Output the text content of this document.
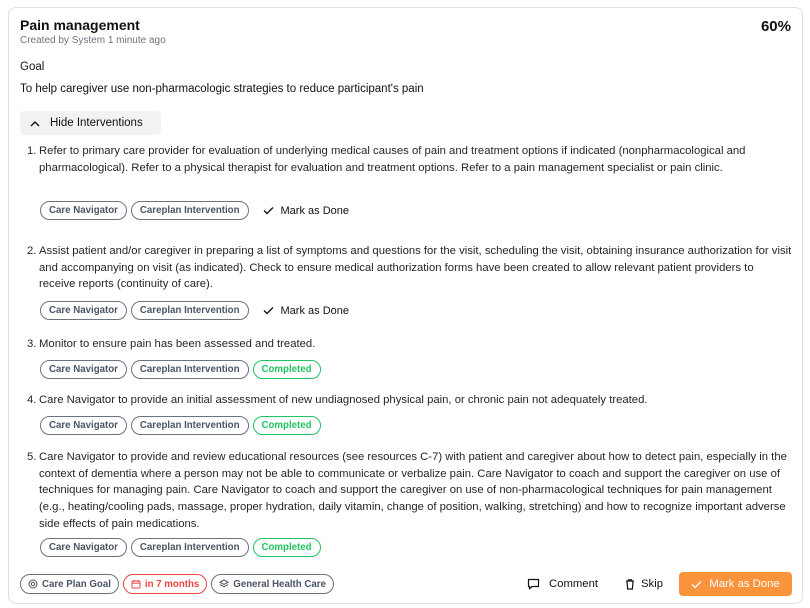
Pain management
Created by System 1 minute ago
60%
Goal
To help caregiver use non-pharmacologic strategies to reduce participant's pain
Hide Interventions
1. Refer to primary care provider for evaluation of underlying medical causes of pain and treatment options if indicated (nonpharmacological and pharmacological). Refer to a physical therapist for evaluation and treatment options. Refer to a pain management specialist or pain clinic.
Care Navigator	Careplan Intervention	Mark as Done
2. Assist patient and/or caregiver in preparing a list of symptoms and questions for the visit, scheduling the visit, obtaining insurance authorization for visit and accompanying on visit (as indicated). Check to ensure medical authorization forms have been created to allow relevant patient providers to receive reports (continuity of care).
Care Navigator	Careplan Intervention	Mark as Done
3. Monitor to ensure pain has been assessed and treated.
Care Navigator	Careplan Intervention	Completed
4. Care Navigator to provide an initial assessment of new undiagnosed physical pain, or chronic pain not adequately treated.
Care Navigator	Careplan Intervention	Completed
5. Care Navigator to provide and review educational resources (see resources C-7) with patient and caregiver about how to detect pain, especially in the context of dementia where a person may not be able to communicate or verbalize pain. Care Navigator to coach and support the caregiver on use of techniques for managing pain. Care Navigator to coach and support the caregiver on use of non-pharmacological techniques for pain management (e.g., heating/cooling pads, massage, proper hydration, daily vitamin, change of position, walking, stretching) and how to recognize important adverse side effects of pain medications.
Care Navigator	Careplan Intervention	Completed
Care Plan Goal	in 7 months	General Health Care	Comment	Skip	Mark as Done
